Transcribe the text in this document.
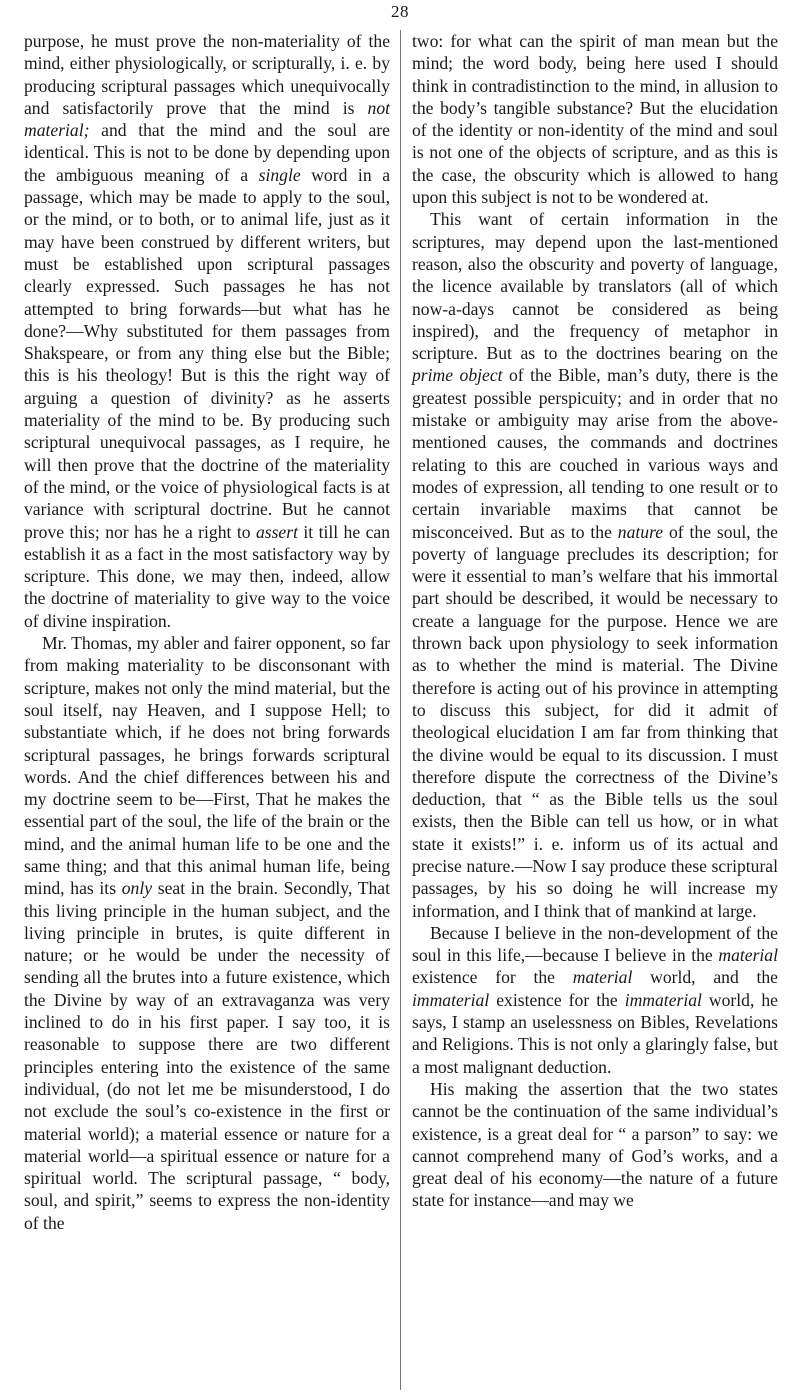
28

purpose, he must prove the non-materiality of the mind, either physiologically, or scripturally, i. e. by producing scriptural passages which unequivocally and satisfactorily prove that the mind is not material; and that the mind and the soul are identical. This is not to be done by depending upon the ambiguous meaning of a single word in a passage, which may be made to apply to the soul, or the mind, or to both, or to animal life, just as it may have been construed by different writers, but must be established upon scriptural passages clearly expressed. Such passages he has not attempted to bring forwards—but what has he done?—Why substituted for them passages from Shakspeare, or from any thing else but the Bible; this is his theology! But is this the right way of arguing a question of divinity? as he asserts materiality of the mind to be. By producing such scriptural unequivocal passages, as I require, he will then prove that the doctrine of the materiality of the mind, or the voice of physiological facts is at variance with scriptural doctrine. But he cannot prove this; nor has he a right to assert it till he can establish it as a fact in the most satisfactory way by scripture. This done, we may then, indeed, allow the doctrine of materiality to give way to the voice of divine inspiration.

Mr. Thomas, my abler and fairer opponent, so far from making materiality to be disconsonant with scripture, makes not only the mind material, but the soul itself, nay Heaven, and I suppose Hell; to substantiate which, if he does not bring forwards scriptural passages, he brings forwards scriptural words. And the chief differences between his and my doctrine seem to be—First, That he makes the essential part of the soul, the life of the brain or the mind, and the animal human life to be one and the same thing; and that this animal human life, being mind, has its only seat in the brain. Secondly, That this living principle in the human subject, and the living principle in brutes, is quite different in nature; or he would be under the necessity of sending all the brutes into a future existence, which the Divine by way of an extravaganza was very inclined to do in his first paper. I say too, it is reasonable to suppose there are two different principles entering into the existence of the same individual, (do not let me be misunderstood, I do not exclude the soul’s co-existence in the first or material world); a material essence or nature for a material world—a spiritual essence or nature for a spiritual world. The scriptural passage, “ body, soul, and spirit,” seems to express the non-identity of the

two: for what can the spirit of man mean but the mind; the word body, being here used I should think in contradistinction to the mind, in allusion to the body’s tangible substance? But the elucidation of the identity or non-identity of the mind and soul is not one of the objects of scripture, and as this is the case, the obscurity which is allowed to hang upon this subject is not to be wondered at.

This want of certain information in the scriptures, may depend upon the last-mentioned reason, also the obscurity and poverty of language, the licence available by translators (all of which now-a-days cannot be considered as being inspired), and the frequency of metaphor in scripture. But as to the doctrines bearing on the prime object of the Bible, man’s duty, there is the greatest possible perspicuity; and in order that no mistake or ambiguity may arise from the above-mentioned causes, the commands and doctrines relating to this are couched in various ways and modes of expression, all tending to one result or to certain invariable maxims that cannot be misconceived. But as to the nature of the soul, the poverty of language precludes its description; for were it essential to man’s welfare that his immortal part should be described, it would be necessary to create a language for the purpose. Hence we are thrown back upon physiology to seek information as to whether the mind is material. The Divine therefore is acting out of his province in attempting to discuss this subject, for did it admit of theological elucidation I am far from thinking that the divine would be equal to its discussion. I must therefore dispute the correctness of the Divine’s deduction, that “ as the Bible tells us the soul exists, then the Bible can tell us how, or in what state it exists!” i. e. inform us of its actual and precise nature.—Now I say produce these scriptural passages, by his so doing he will increase my information, and I think that of mankind at large.

Because I believe in the non-development of the soul in this life,—because I believe in the material existence for the material world, and the immaterial existence for the immaterial world, he says, I stamp an uselessness on Bibles, Revelations and Religions. This is not only a glaringly false, but a most malignant deduction.

His making the assertion that the two states cannot be the continuation of the same individual’s existence, is a great deal for “ a parson” to say: we cannot comprehend many of God’s works, and a great deal of his economy—the nature of a future state for instance—and may we
